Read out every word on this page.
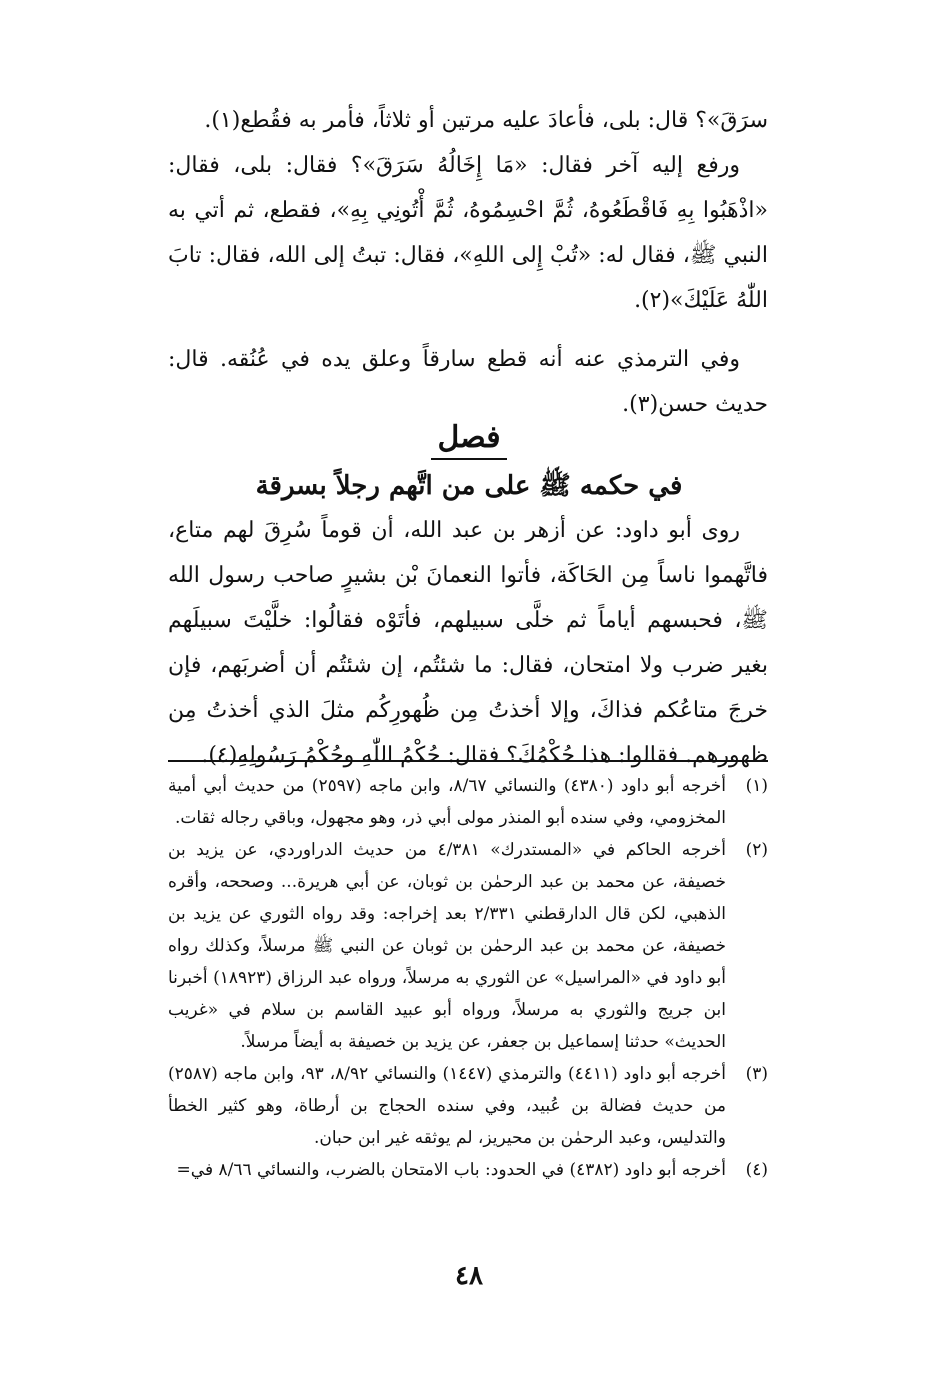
سرَقَ»؟ قال: بلى، فأعادَ عليه مرتين أو ثلاثاً، فأمر به فقُطع(١).

ورفع إليه آخر فقال: «مَا إِخَالُهُ سَرَقَ»؟ فقال: بلى، فقال: «اذْهَبُوا بِهِ فَاقْطَعُوهُ، ثُمَّ احْسِمُوهُ، ثُمَّ أْتُونِي بِهِ»، فقطع، ثم أتي به النبي ﷺ، فقال له: «تُبْ إِلى اللهِ»، فقال: تبتُ إلى الله، فقال: تابَ اللّٰهُ عَلَيْكَ»(٢).

وفي الترمذي عنه أنه قطع سارقاً وعلق يده في عُنُقه. قال: حديث حسن(٣).

فصل
في حكمه ﷺ على من اتَّهم رجلاً بسرقة

روى أبو داود: عن أزهر بن عبد الله، أن قوماً سُرِقَ لهم متاع، فاتَّهموا ناساً مِن الحَاكَة، فأتوا النعمانَ بْن بشيرٍ صاحب رسول الله ﷺ، فحبسهم أياماً ثم خلَّى سبيلهم، فأتَوْه فقالُوا: خلَّيْتَ سبيلَهم بغير ضرب ولا امتحان، فقال: ما شئتُم، إن شئتُم أن أضربَهم، فإن خرجَ متاعُكم فذاكَ، وإلا أخذتُ مِن ظُهورِكُم مثلَ الذي أخذتُ مِن ظهورهم. فقالوا: هذا حُكْمُكَ؟ فقال: حُكْمُ اللّٰهِ وحُكْمُ رَسُولِهِ(٤).

(١)
أخرجه أبو داود (٤٣٨٠) والنسائي ٨/٦٧، وابن ماجه (٢٥٩٧) من حديث أبي أمية المخزومي، وفي سنده أبو المنذر مولى أبي ذر، وهو مجهول، وباقي رجاله ثقات.
(٢)
أخرجه الحاكم في «المستدرك» ٤/٣٨١ من حديث الدراوردي، عن يزيد بن خصيفة، عن محمد بن عبد الرحمٰن بن ثوبان، عن أبي هريرة... وصححه، وأقره الذهبي، لكن قال الدارقطني ٢/٣٣١ بعد إخراجه: وقد رواه الثوري عن يزيد بن خصيفة، عن محمد بن عبد الرحمٰن بن ثوبان عن النبي ﷺ مرسلاً، وكذلك رواه أبو داود في «المراسيل» عن الثوري به مرسلاً، ورواه عبد الرزاق (١٨٩٢٣) أخبرنا ابن جريج والثوري به مرسلاً، ورواه أبو عبيد القاسم بن سلام في «غريب الحديث» حدثنا إسماعيل بن جعفر، عن يزيد بن خصيفة به أيضاً مرسلاً.
(٣)
أخرجه أبو داود (٤٤١١) والترمذي (١٤٤٧) والنسائي ٨/٩٢، ٩٣، وابن ماجه (٢٥٨٧) من حديث فضالة بن عُبيد، وفي سنده الحجاج بن أرطاة، وهو كثير الخطأ والتدليس، وعبد الرحمٰن بن محيريز، لم يوثقه غير ابن حبان.
(٤)
أخرجه أبو داود (٤٣٨٢) في الحدود: باب الامتحان بالضرب، والنسائي ٨/٦٦ في=
٤٨
